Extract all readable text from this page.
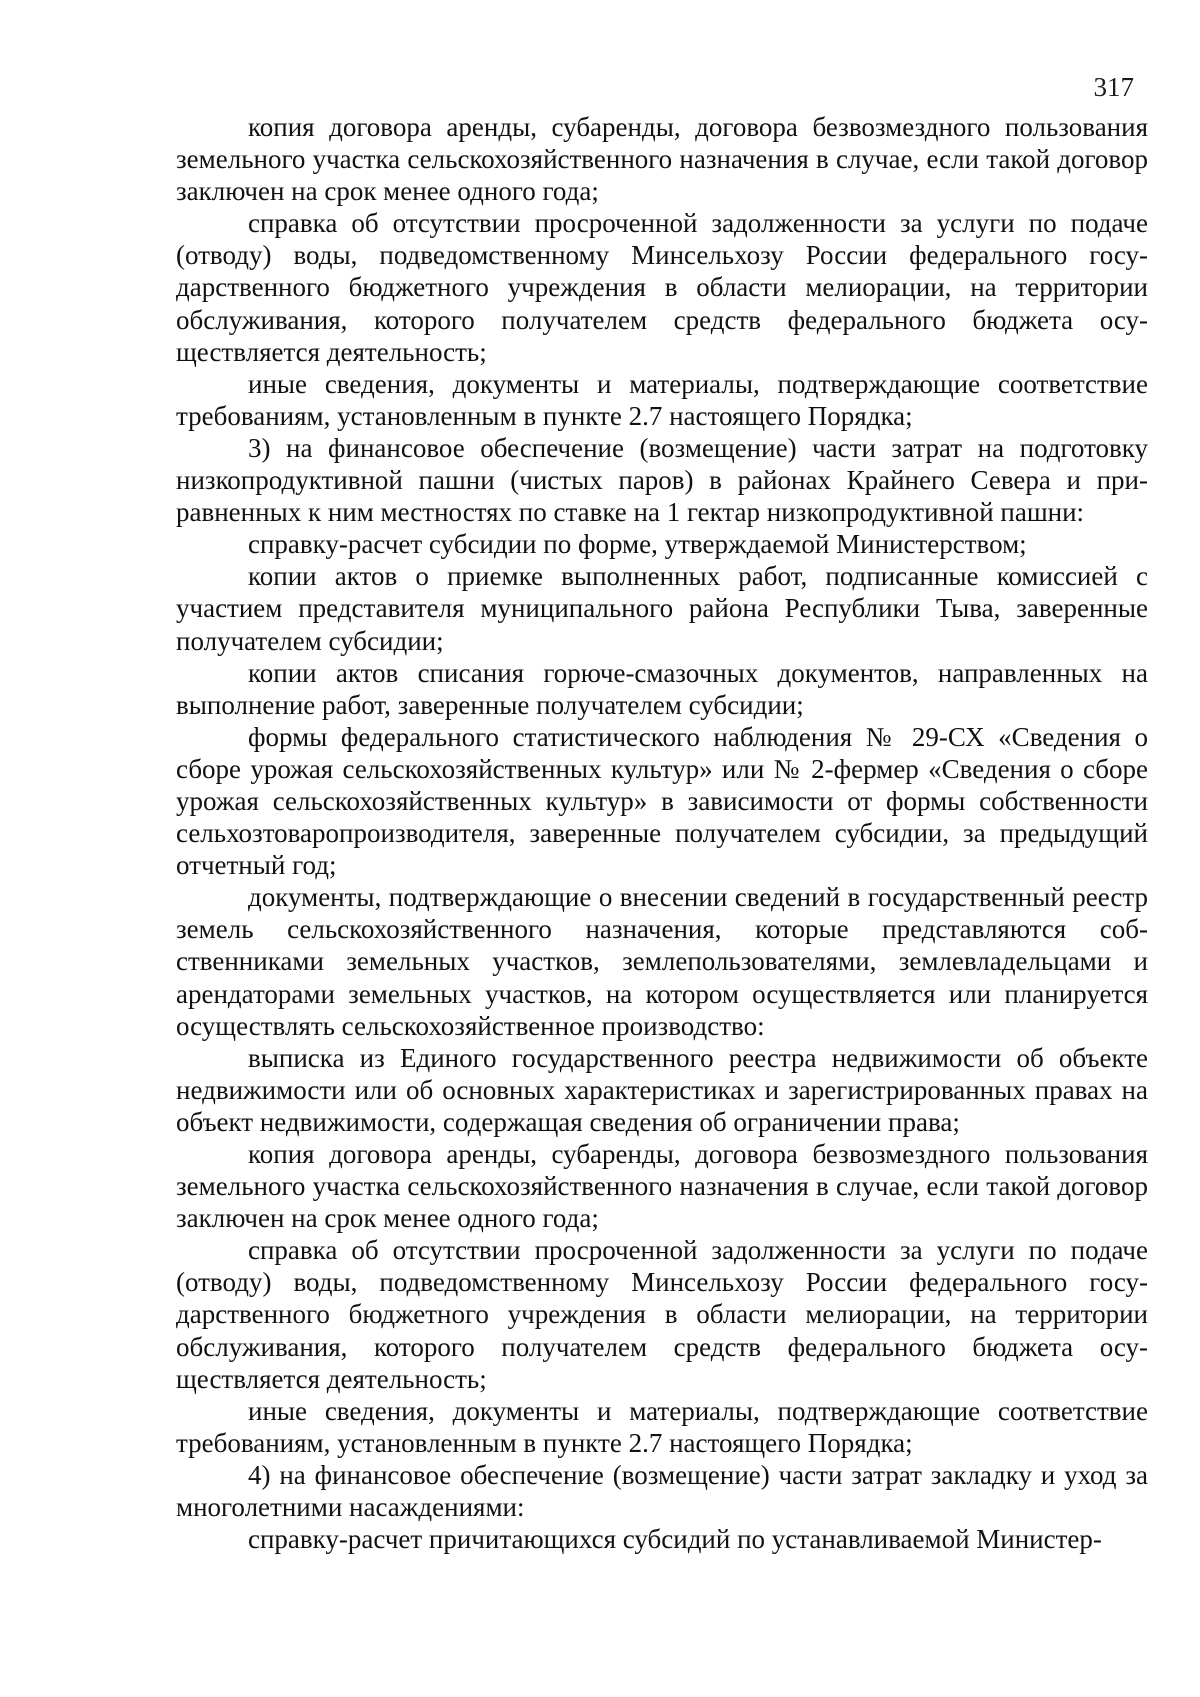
317

копия договора аренды, субаренды, договора безвозмездного пользования земельного участка сельскохозяйственного назначения в случае, если такой договор заключен на срок менее одного года;

справка об отсутствии просроченной задолженности за услуги по подаче (отводу) воды, подведомственному Минсельхозу России федерального государственного бюджетного учреждения в области мелиорации, на территории обслуживания, которого получателем средств федерального бюджета осуществляется деятельность;

иные сведения, документы и материалы, подтверждающие соответствие требованиям, установленным в пункте 2.7 настоящего Порядка;

3) на финансовое обеспечение (возмещение) части затрат на подготовку низкопродуктивной пашни (чистых паров) в районах Крайнего Севера и приравненных к ним местностях по ставке на 1 гектар низкопродуктивной пашни:

справку-расчет субсидии по форме, утверждаемой Министерством;

копии актов о приемке выполненных работ, подписанные комиссией с участием представителя муниципального района Республики Тыва, заверенные получателем субсидии;

копии актов списания горюче-смазочных документов, направленных на выполнение работ, заверенные получателем субсидии;

формы федерального статистического наблюдения № 29-СХ «Сведения о сборе урожая сельскохозяйственных культур» или № 2-фермер «Сведения о сборе урожая сельскохозяйственных культур» в зависимости от формы собственности сельхозтоваропроизводителя, заверенные получателем субсидии, за предыдущий отчетный год;

документы, подтверждающие о внесении сведений в государственный реестр земель сельскохозяйственного назначения, которые представляются собственниками земельных участков, землепользователями, землевладельцами и арендаторами земельных участков, на котором осуществляется или планируется осуществлять сельскохозяйственное производство:

выписка из Единого государственного реестра недвижимости об объекте недвижимости или об основных характеристиках и зарегистрированных правах на объект недвижимости, содержащая сведения об ограничении права;

копия договора аренды, субаренды, договора безвозмездного пользования земельного участка сельскохозяйственного назначения в случае, если такой договор заключен на срок менее одного года;

справка об отсутствии просроченной задолженности за услуги по подаче (отводу) воды, подведомственному Минсельхозу России федерального государственного бюджетного учреждения в области мелиорации, на территории обслуживания, которого получателем средств федерального бюджета осуществляется деятельность;

иные сведения, документы и материалы, подтверждающие соответствие требованиям, установленным в пункте 2.7 настоящего Порядка;

4) на финансовое обеспечение (возмещение) части затрат закладку и уход за многолетними насаждениями:

справку-расчет причитающихся субсидий по устанавливаемой Министер-
